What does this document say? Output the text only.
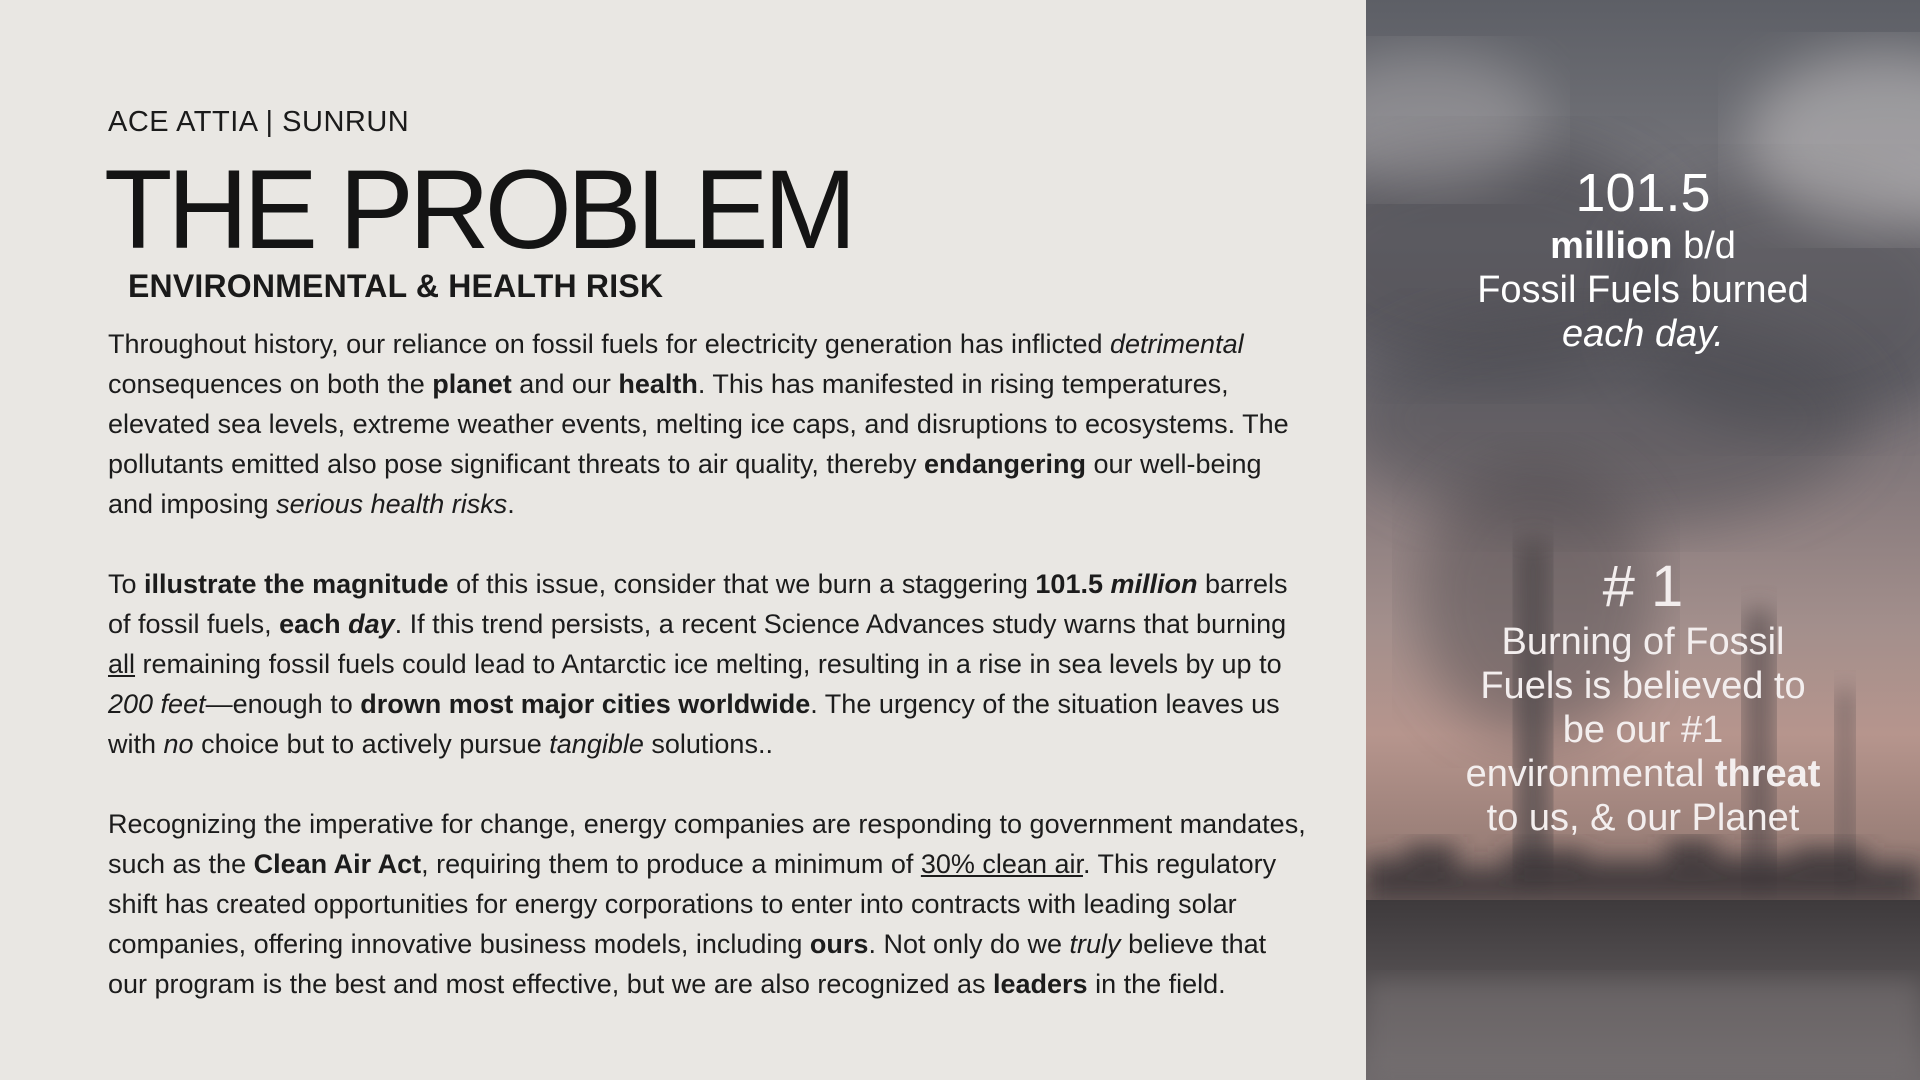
ACE ATTIA | SUNRUN
THE PROBLEM
ENVIRONMENTAL & HEALTH RISK

Throughout history, our reliance on fossil fuels for electricity generation has inflicted detrimental consequences on both the planet and our health. This has manifested in rising temperatures, elevated sea levels, extreme weather events, melting ice caps, and disruptions to ecosystems. The pollutants emitted also pose significant threats to air quality, thereby endangering our well-being and imposing serious health risks.

To illustrate the magnitude of this issue, consider that we burn a staggering 101.5 million barrels of fossil fuels, each day. If this trend persists, a recent Science Advances study warns that burning all remaining fossil fuels could lead to Antarctic ice melting, resulting in a rise in sea levels by up to 200 feet—enough to drown most major cities worldwide. The urgency of the situation leaves us with no choice but to actively pursue tangible solutions..

Recognizing the imperative for change, energy companies are responding to government mandates, such as the Clean Air Act, requiring them to produce a minimum of 30% clean air. This regulatory shift has created opportunities for energy corporations to enter into contracts with leading solar companies, offering innovative business models, including ours. Not only do we truly believe that our program is the best and most effective, but we are also recognized as leaders in the field.

101.5
million b/d
Fossil Fuels burned
each day.
# 1
Burning of Fossil
Fuels is believed to
be our #1
environmental threat
to us, & our Planet
